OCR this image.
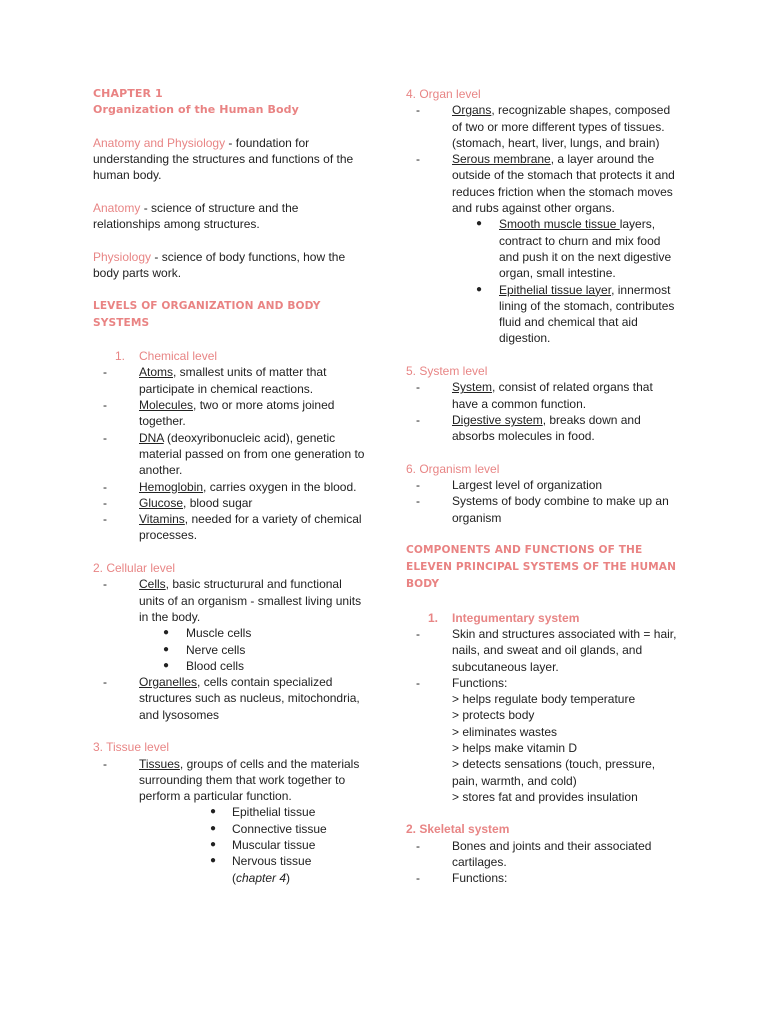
CHAPTER 1
Organization of the Human Body
Anatomy and Physiology - foundation for understanding the structures and functions of the human body.
Anatomy - science of structure and the relationships among structures.
Physiology - science of body functions, how the body parts work.
LEVELS OF ORGANIZATION AND BODY SYSTEMS
1. Chemical level
-	Atoms, smallest units of matter that participate in chemical reactions.
-	Molecules, two or more atoms joined together.
-	DNA (deoxyribonucleic acid), genetic material passed on from one generation to another.
-	Hemoglobin, carries oxygen in the blood.
-	Glucose, blood sugar
-	Vitamins, needed for a variety of chemical processes.
2. Cellular level
-	Cells, basic structurural and functional units of an organism - smallest living units in the body.
● Muscle cells
● Nerve cells
● Blood cells
-	Organelles, cells contain specialized structures such as nucleus, mitochondria, and lysosomes
3. Tissue level
-	Tissues, groups of cells and the materials surrounding them that work together to perform a particular function.
● Epithelial tissue
● Connective tissue
● Muscular tissue
● Nervous tissue
(chapter 4)
4. Organ level
-	Organs, recognizable shapes, composed of two or more different types of tissues. (stomach, heart, liver, lungs, and brain)
-	Serous membrane, a layer around the outside of the stomach that protects it and reduces friction when the stomach moves and rubs against other organs.
● Smooth muscle tissue layers, contract to churn and mix food and push it on the next digestive organ, small intestine.
● Epithelial tissue layer, innermost lining of the stomach, contributes fluid and chemical that aid digestion.
5. System level
-	System, consist of related organs that have a common function.
-	Digestive system, breaks down and absorbs molecules in food.
6. Organism level
-	Largest level of organization
-	Systems of body combine to make up an organism
COMPONENTS AND FUNCTIONS OF THE ELEVEN PRINCIPAL SYSTEMS OF THE HUMAN BODY
1. Integumentary system
-	Skin and structures associated with = hair, nails, and sweat and oil glands, and subcutaneous layer.
-	Functions:
> helps regulate body temperature
> protects body
> eliminates wastes
> helps make vitamin D
> detects sensations (touch, pressure, pain, warmth, and cold)
> stores fat and provides insulation
2. Skeletal system
-	Bones and joints and their associated cartilages.
-	Functions:
